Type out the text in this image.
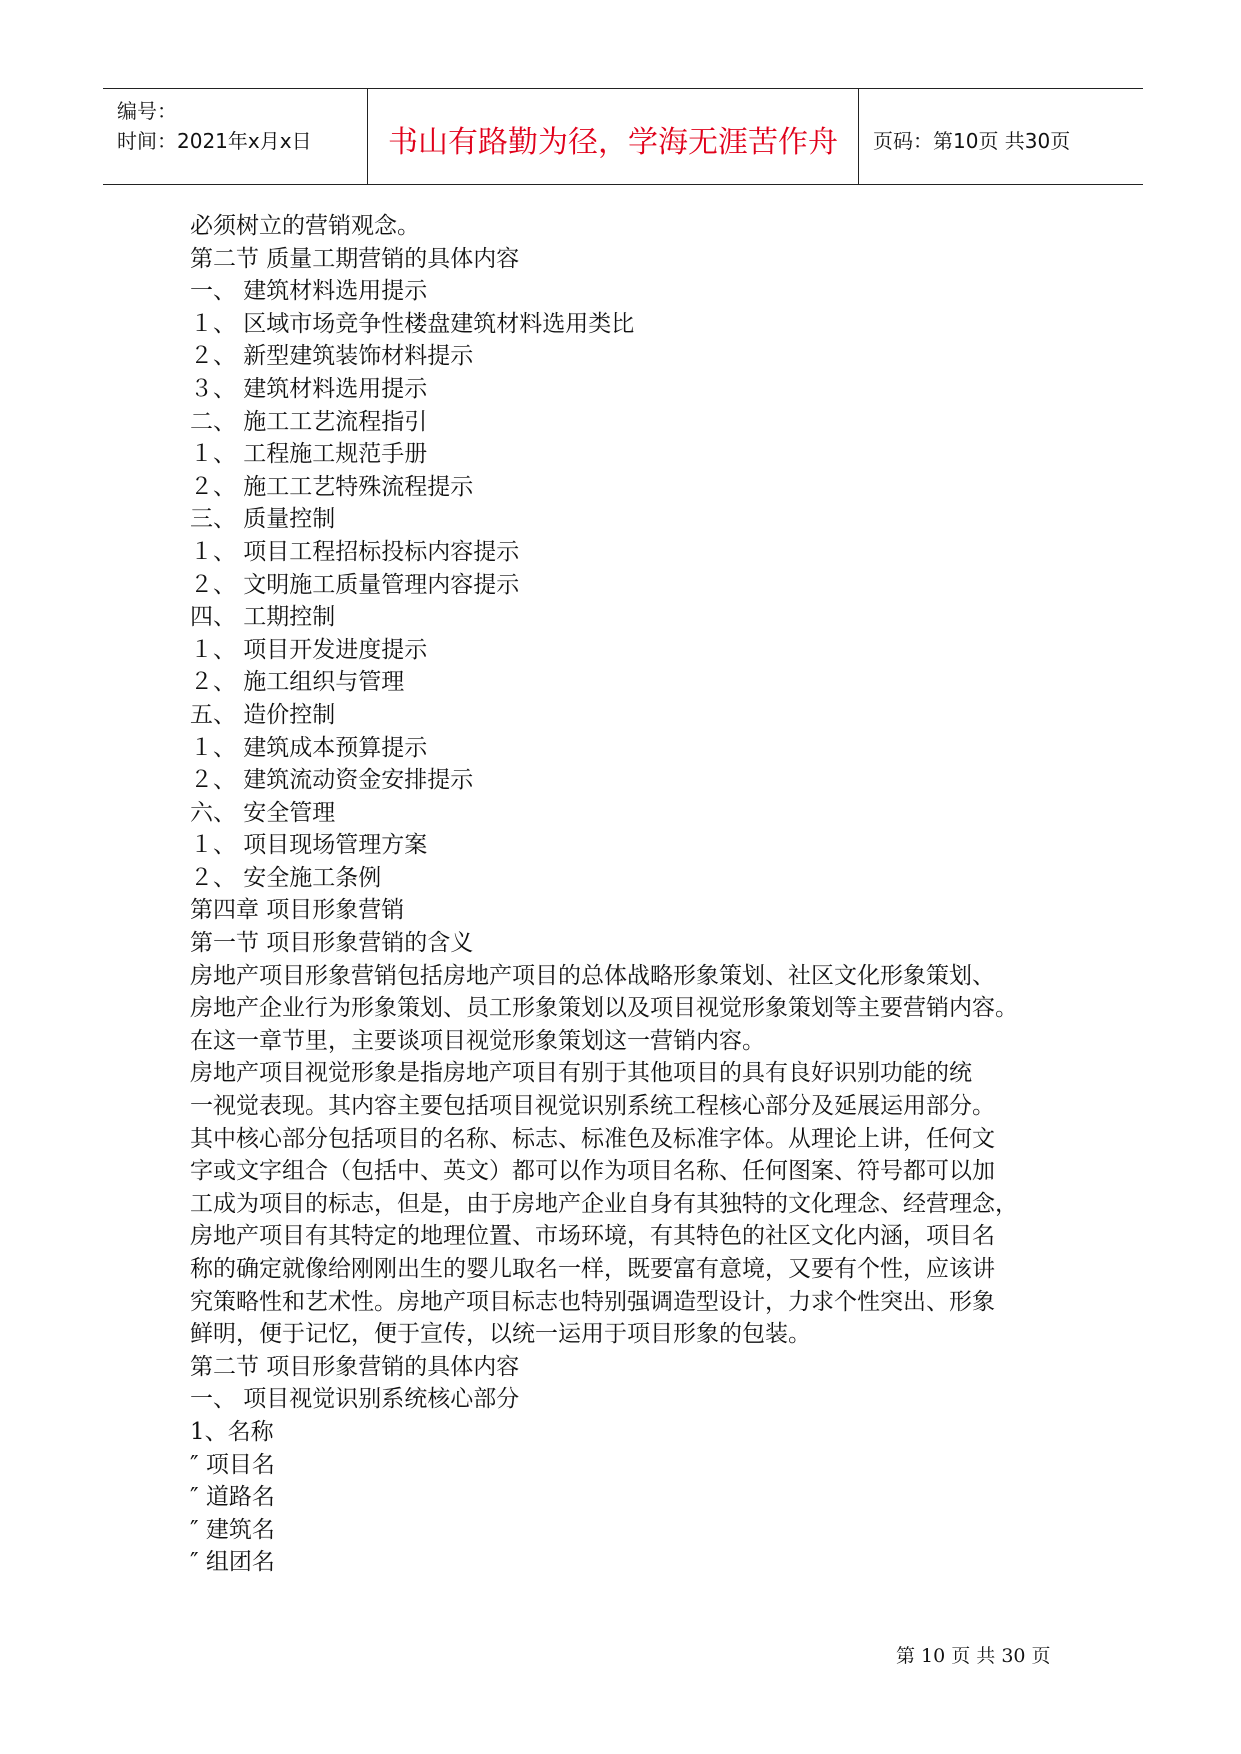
编号：
时间：2021年x月x日	书山有路勤为径，学海无涯苦作舟	页码：第10页 共30页
必须树立的营销观念。
第二节 质量工期营销的具体内容
一、 建筑材料选用提示
１、 区域市场竞争性楼盘建筑材料选用类比
２、 新型建筑装饰材料提示
３、 建筑材料选用提示
二、 施工工艺流程指引
１、 工程施工规范手册
２、 施工工艺特殊流程提示
三、 质量控制
１、 项目工程招标投标内容提示
２、 文明施工质量管理内容提示
四、 工期控制
１、 项目开发进度提示
２、 施工组织与管理
五、 造价控制
１、 建筑成本预算提示
２、 建筑流动资金安排提示
六、 安全管理
１、 项目现场管理方案
２、 安全施工条例
第四章 项目形象营销
第一节 项目形象营销的含义
房地产项目形象营销包括房地产项目的总体战略形象策划、社区文化形象策划、
房地产企业行为形象策划、员工形象策划以及项目视觉形象策划等主要营销内容。
在这一章节里，主要谈项目视觉形象策划这一营销内容。
房地产项目视觉形象是指房地产项目有别于其他项目的具有良好识别功能的统
一视觉表现。其内容主要包括项目视觉识别系统工程核心部分及延展运用部分。
其中核心部分包括项目的名称、标志、标准色及标准字体。从理论上讲，任何文
字或文字组合（包括中、英文）都可以作为项目名称、任何图案、符号都可以加
工成为项目的标志，但是，由于房地产企业自身有其独特的文化理念、经营理念，
房地产项目有其特定的地理位置、市场环境，有其特色的社区文化内涵，项目名
称的确定就像给刚刚出生的婴儿取名一样，既要富有意境，又要有个性，应该讲
究策略性和艺术性。房地产项目标志也特别强调造型设计，力求个性突出、形象
鲜明，便于记忆，便于宣传，以统一运用于项目形象的包装。
第二节 项目形象营销的具体内容
一、 项目视觉识别系统核心部分
1、名称
″ 项目名
″ 道路名
″ 建筑名
″ 组团名
第 10 页 共 30 页
